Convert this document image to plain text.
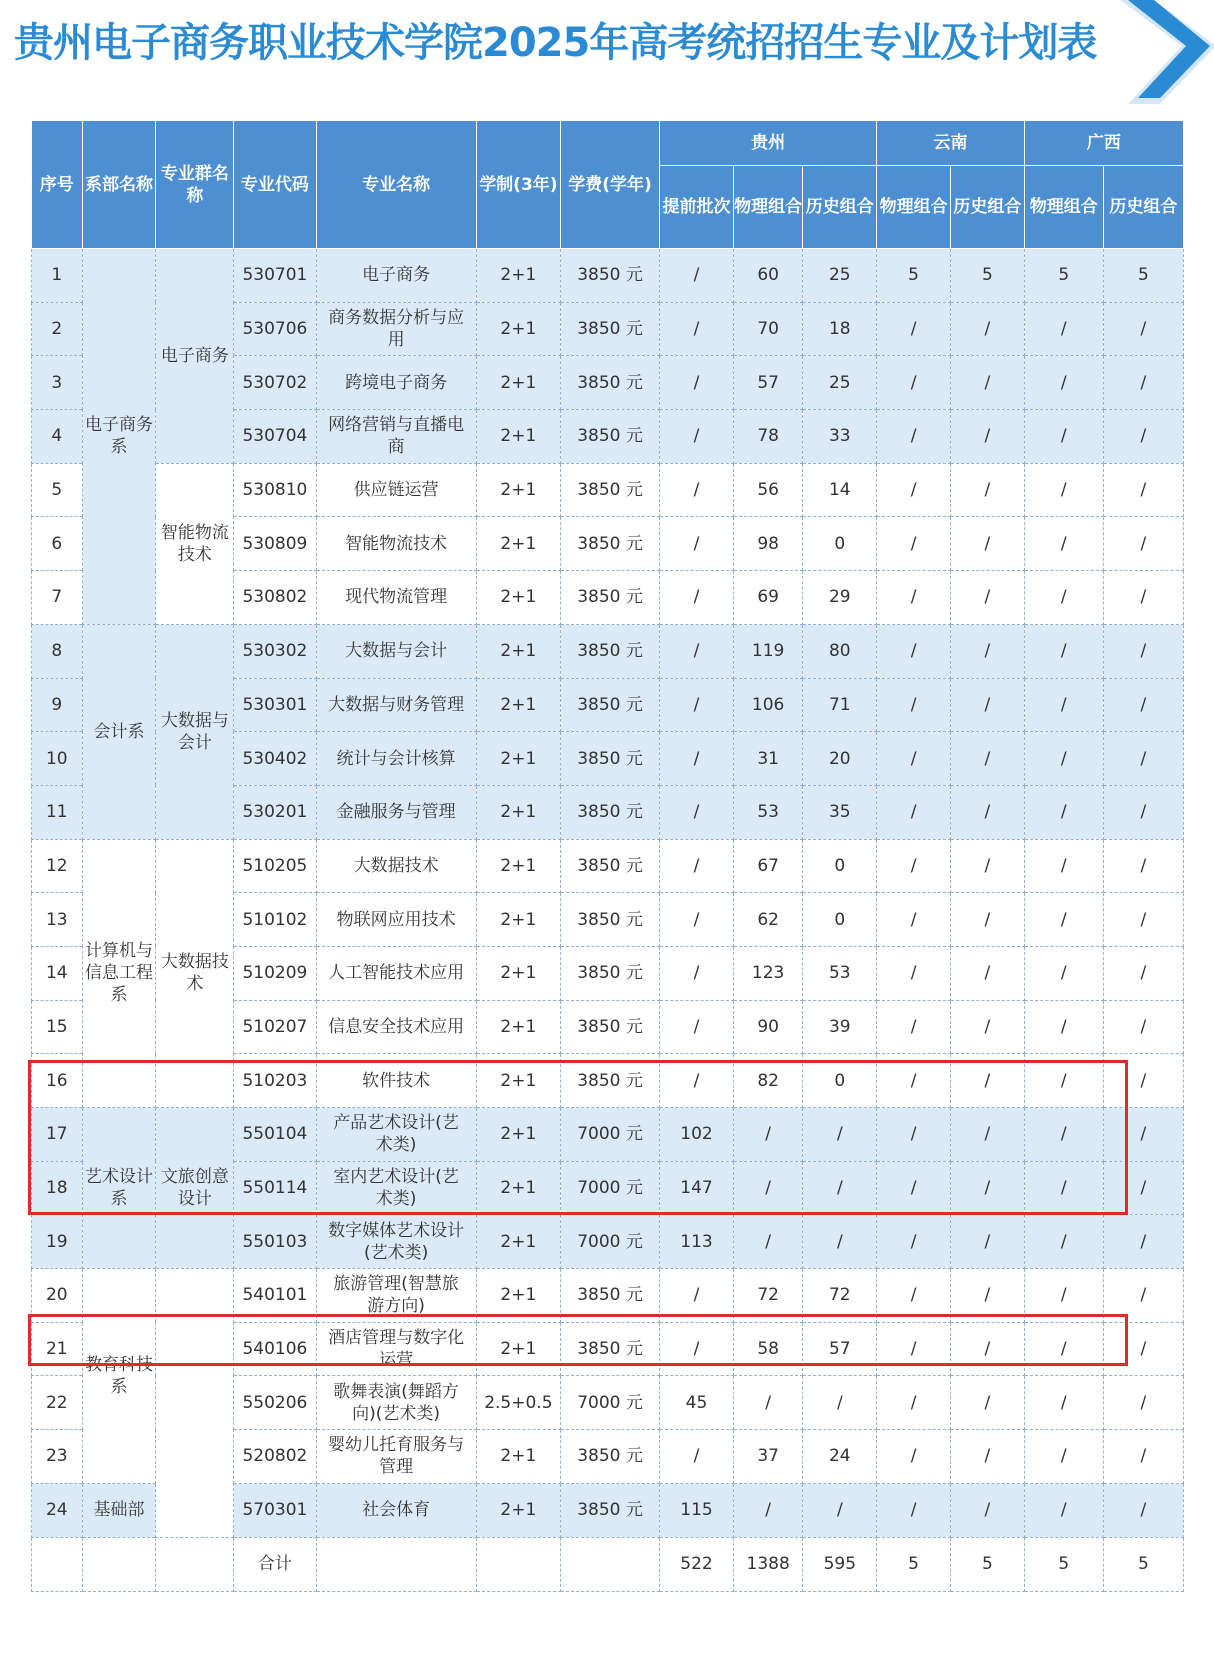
贵州电子商务职业技术学院2025年高考统招招生专业及计划表
序号	系部名称	专业群名称	专业代码	专业名称	学制(3年)	学费(学年)	贵州			云南		广西	
							提前批次	物理组合	历史组合	物理组合	历史组合	物理组合	历史组合
1	电子商务系	电子商务	530701	电子商务	2+1	3850 元	/	60	25	5	5	5	5
2			530706	商务数据分析与应用	2+1	3850 元	/	70	18	/	/	/	/
3			530702	跨境电子商务	2+1	3850 元	/	57	25	/	/	/	/
4			530704	网络营销与直播电商	2+1	3850 元	/	78	33	/	/	/	/
5		智能物流技术	530810	供应链运营	2+1	3850 元	/	56	14	/	/	/	/
6			530809	智能物流技术	2+1	3850 元	/	98	0	/	/	/	/
7			530802	现代物流管理	2+1	3850 元	/	69	29	/	/	/	/
8	会计系	大数据与会计	530302	大数据与会计	2+1	3850 元	/	119	80	/	/	/	/
9			530301	大数据与财务管理	2+1	3850 元	/	106	71	/	/	/	/
10			530402	统计与会计核算	2+1	3850 元	/	31	20	/	/	/	/
11			530201	金融服务与管理	2+1	3850 元	/	53	35	/	/	/	/
12	计算机与信息工程系	大数据技术	510205	大数据技术	2+1	3850 元	/	67	0	/	/	/	/
13			510102	物联网应用技术	2+1	3850 元	/	62	0	/	/	/	/
14			510209	人工智能技术应用	2+1	3850 元	/	123	53	/	/	/	/
15			510207	信息安全技术应用	2+1	3850 元	/	90	39	/	/	/	/
16			510203	软件技术	2+1	3850 元	/	82	0	/	/	/	/
17	艺术设计系	文旅创意设计	550104	产品艺术设计(艺术类)	2+1	7000 元	102	/	/	/	/	/	/
18			550114	室内艺术设计(艺术类)	2+1	7000 元	147	/	/	/	/	/	/
19			550103	数字媒体艺术设计(艺术类)	2+1	7000 元	113	/	/	/	/	/	/
20	教育科技系		540101	旅游管理(智慧旅游方向)	2+1	3850 元	/	72	72	/	/	/	/
21			540106	酒店管理与数字化运营	2+1	3850 元	/	58	57	/	/	/	/
22			550206	歌舞表演(舞蹈方向)(艺术类)	2.5+0.5	7000 元	45	/	/	/	/	/	/
23			520802	婴幼儿托育服务与管理	2+1	3850 元	/	37	24	/	/	/	/
24	基础部		570301	社会体育	2+1	3850 元	115	/	/	/	/	/	/
			合计				522	1388	595	5	5	5	5
